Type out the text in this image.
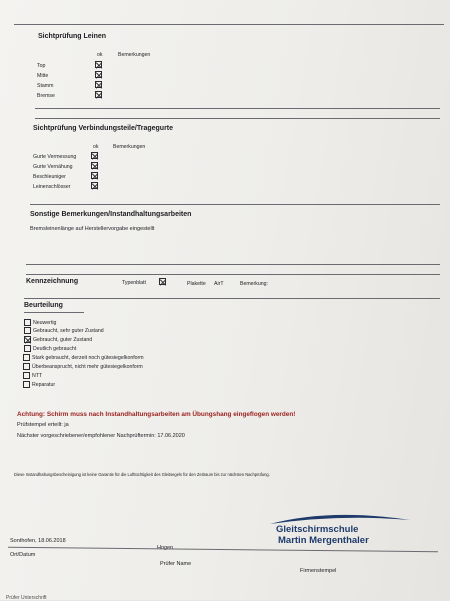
Sichtprüfung Leinen
ok	Bemerkungen
Top
Mitte
Stamm
Bremse
Sichtprüfung Verbindungsteile/Tragegurte
ok	Bemerkungen
Gurte Vermessung
Gurte Vernähung
Beschleuniger
Leinenschlösser
Sonstige Bemerkungen/Instandhaltungsarbeiten
Bremsleinenlänge auf Herstellervorgabe eingestellt
Kennzeichnung	Typenblatt	Plakette AirT	Bemerkung:
Beurteilung
Neuwertig
Gebraucht, sehr guter Zustand
Gebraucht, guter Zustand
Deutlich gebraucht
Stark gebraucht, derzeit noch gütesiegelkonform
Überbeansprucht, nicht mehr gütesiegelkonform
NTT
Reparatur
Achtung: Schirm muss nach Instandhaltungsarbeiten am Übungshang eingeflogen werden!
Prüfstempel erteilt: ja
Nächster vorgeschriebener/empfohlener Nachprüftermin: 17.06.2020
Diese Instandhaltungsbescheinigung ist keine Garantie für die Lufttüchtigkeit des Gleitsegels für den Zeitraum bis zur nächsten Nachprüfung.
Gleitschirmschule
Martin Mergenthaler
Sonthofen, 18.06.2018
Hogen
Ort/Datum
Prüfer Name
Firmenstempel
Prüfer Unterschrift
